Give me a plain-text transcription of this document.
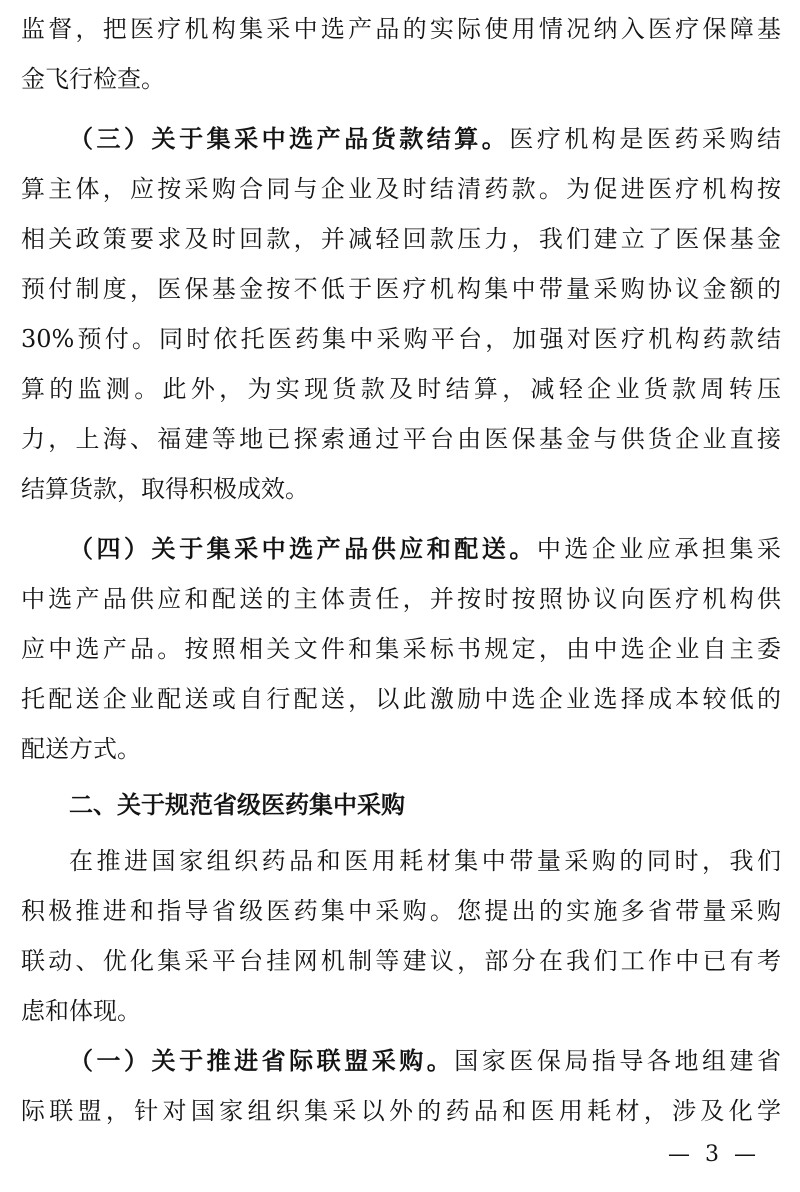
监督，把医疗机构集采中选产品的实际使用情况纳入医疗保障基
金飞行检查。
（三）关于集采中选产品货款结算。医疗机构是医药采购结
算主体，应按采购合同与企业及时结清药款。为促进医疗机构按
相关政策要求及时回款，并减轻回款压力，我们建立了医保基金
预付制度，医保基金按不低于医疗机构集中带量采购协议金额的
30%预付。同时依托医药集中采购平台，加强对医疗机构药款结
算的监测。此外，为实现货款及时结算，减轻企业货款周转压
力，上海、福建等地已探索通过平台由医保基金与供货企业直接
结算货款，取得积极成效。
（四）关于集采中选产品供应和配送。中选企业应承担集采
中选产品供应和配送的主体责任，并按时按照协议向医疗机构供
应中选产品。按照相关文件和集采标书规定，由中选企业自主委
托配送企业配送或自行配送，以此激励中选企业选择成本较低的
配送方式。
二、关于规范省级医药集中采购
在推进国家组织药品和医用耗材集中带量采购的同时，我们
积极推进和指导省级医药集中采购。您提出的实施多省带量采购
联动、优化集采平台挂网机制等建议，部分在我们工作中已有考
虑和体现。
（一）关于推进省际联盟采购。国家医保局指导各地组建省
际联盟，针对国家组织集采以外的药品和医用耗材，涉及化学
— 3 —
